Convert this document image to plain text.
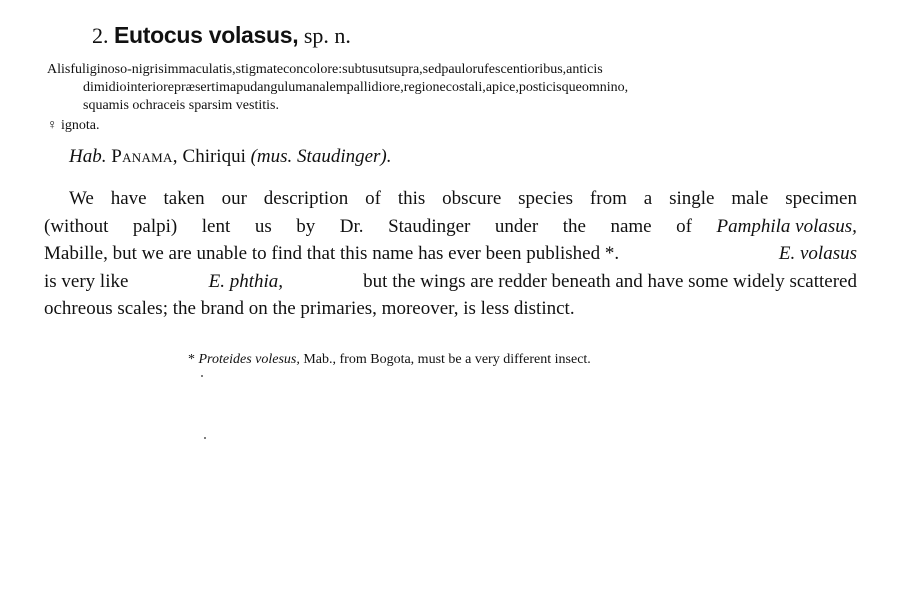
2. Eutocus volasus, sp. n.
Alisfuliginoso-nigrisimmaculatis,stigmateconcolore:subtusutsupra,sedpaulorufescentioribus,anticis
dimidiointeriorepræsertimapudangulumanalempallidiore,regionecostali,apice,posticisqueomnino,
squamis ochraceis sparsim vestitis.
♀ ignota.
Hab. Panama, Chiriqui (mus. Staudinger).
We have taken our description of this obscure species from a single male specimen
(without palpi) lent us by Dr. Staudinger under the name of Pamphila volasus,
Mabille, but we are unable to find that this name has ever been published *.	E. volasus
is very like	E. phthia,	but the wings are redder beneath and have some widely scattered
ochreous scales; the brand on the primaries, moreover, is less distinct.
* Proteides volesus, Mab., from Bogota, must be a very different insect.
